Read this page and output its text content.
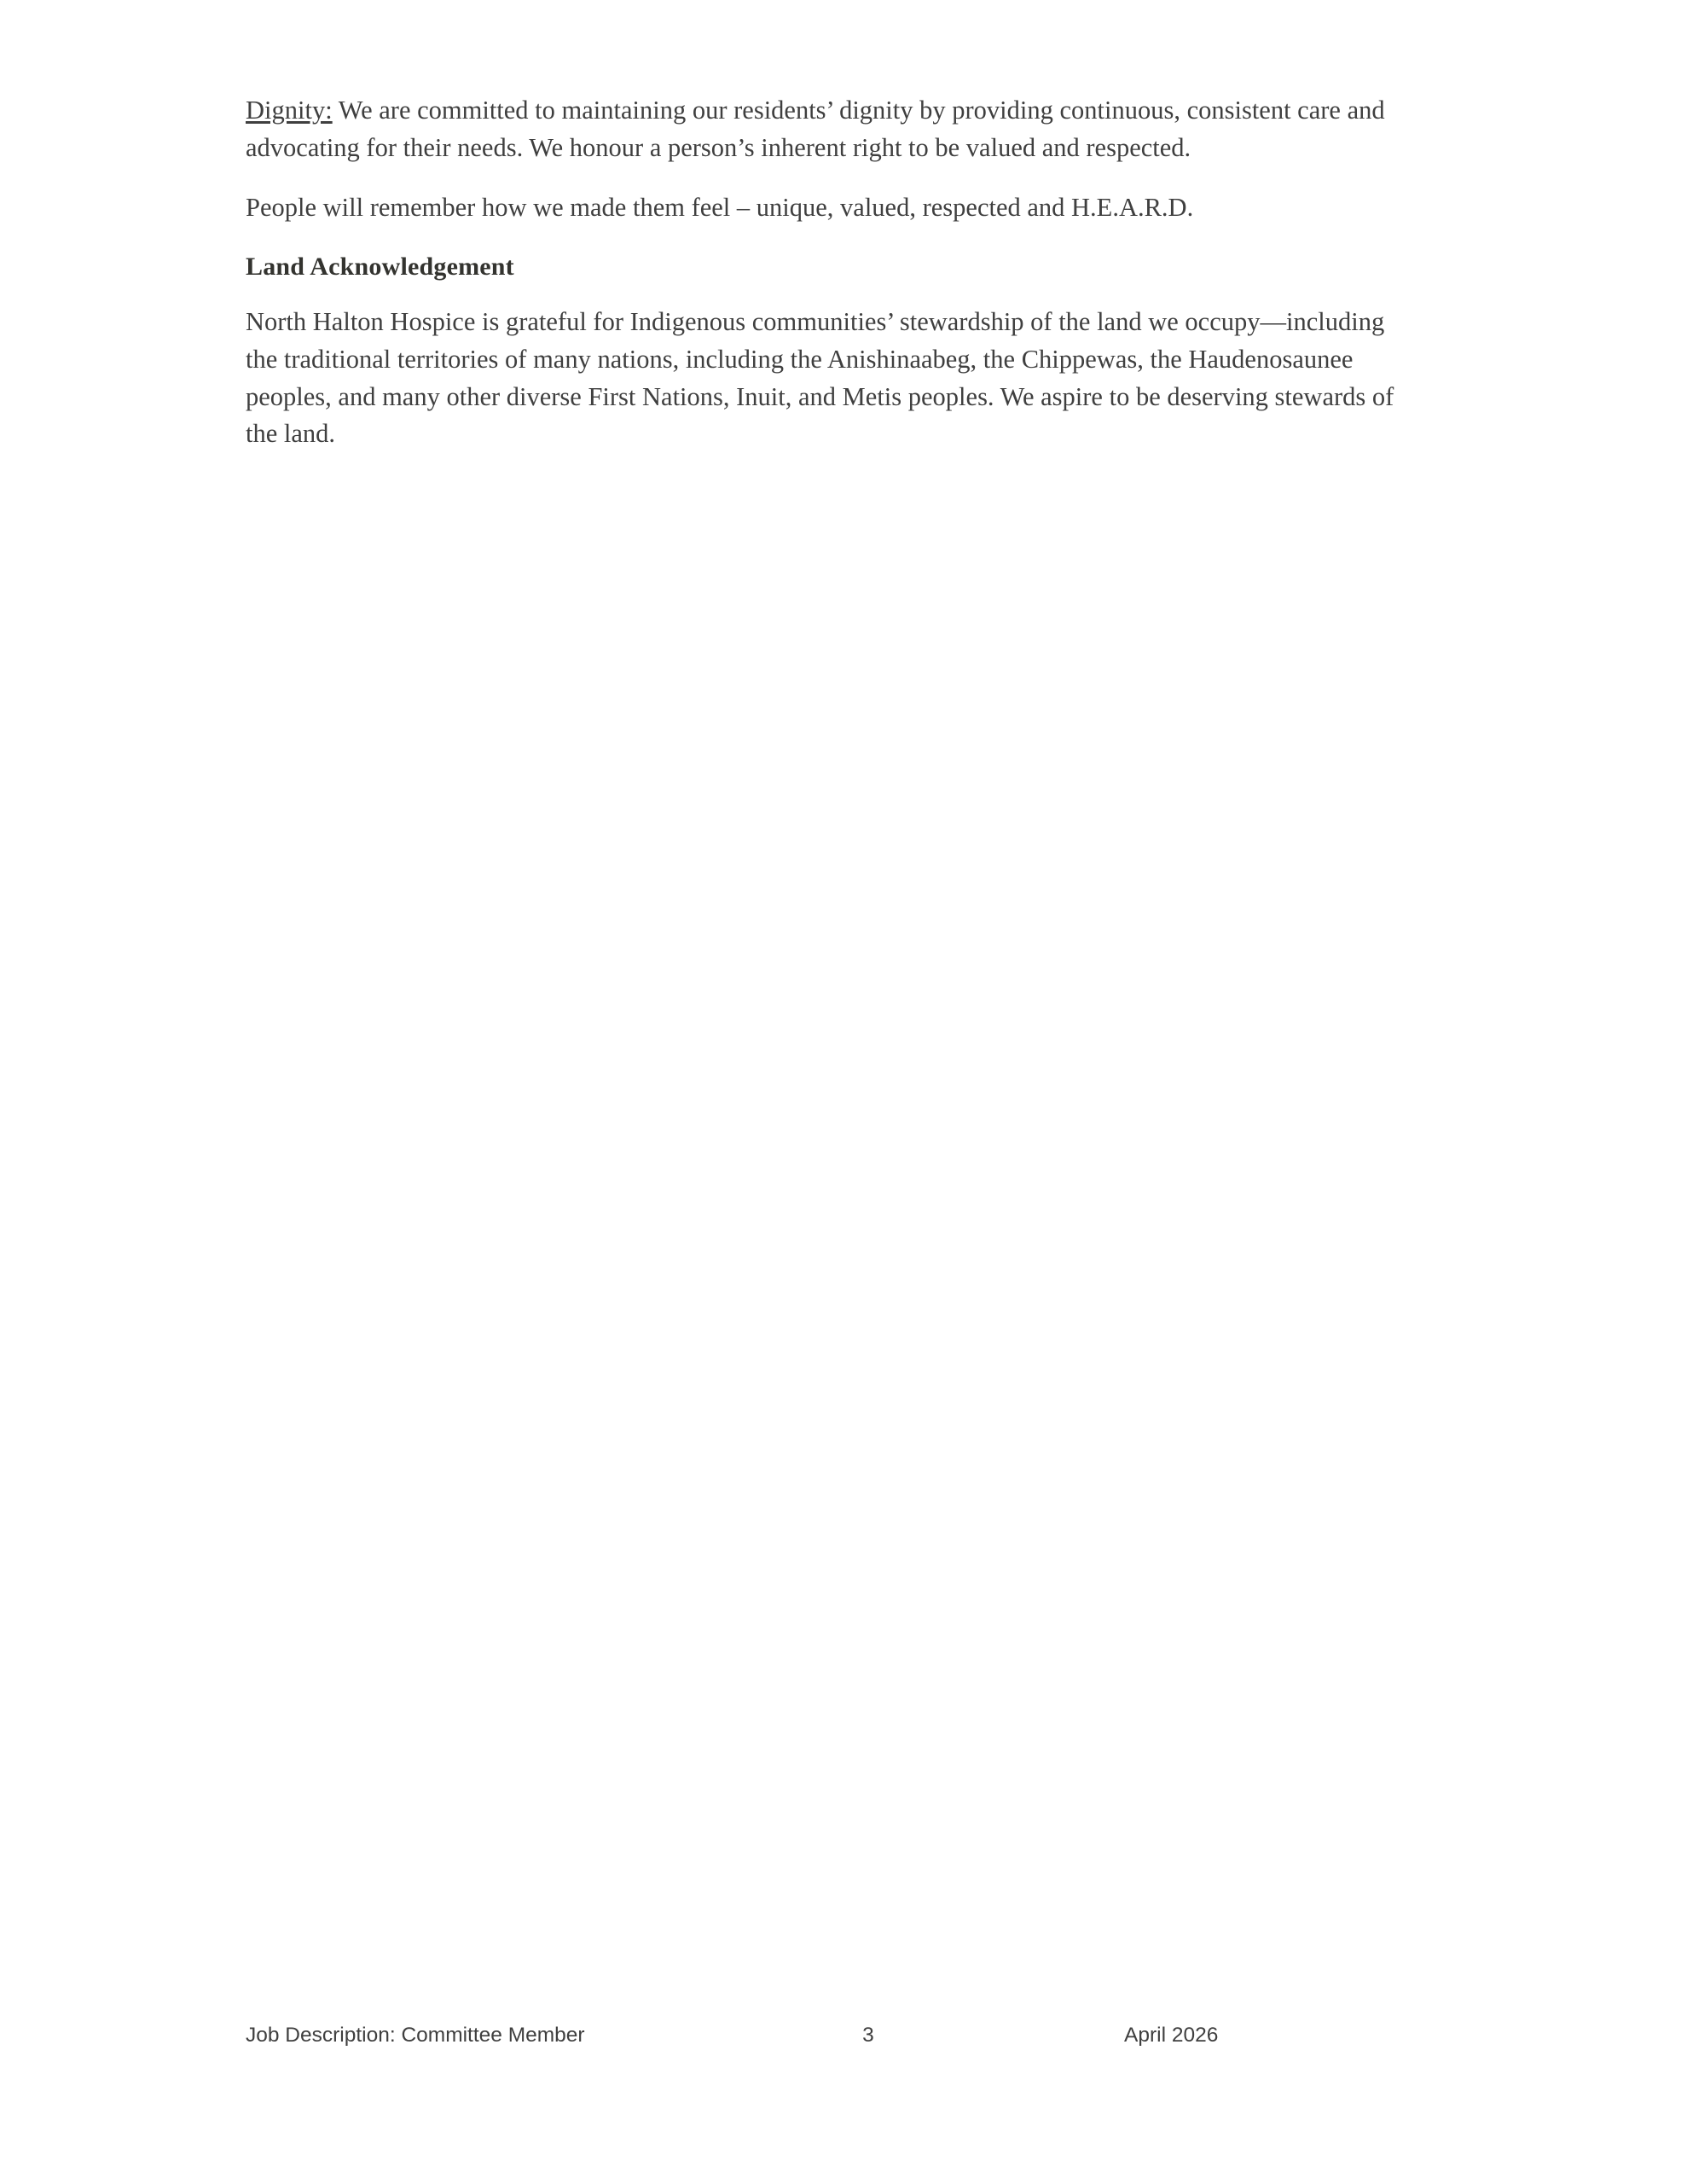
Dignity: We are committed to maintaining our residents’ dignity by providing continuous, consistent care and advocating for their needs. We honour a person’s inherent right to be valued and respected.

People will remember how we made them feel – unique, valued, respected and H.E.A.R.D.

Land Acknowledgement

North Halton Hospice is grateful for Indigenous communities’ stewardship of the land we occupy—including the traditional territories of many nations, including the Anishinaabeg, the Chippewas, the Haudenosaunee peoples, and many other diverse First Nations, Inuit, and Metis peoples. We aspire to be deserving stewards of the land.

Job Description: Committee Member	3	April 2026
